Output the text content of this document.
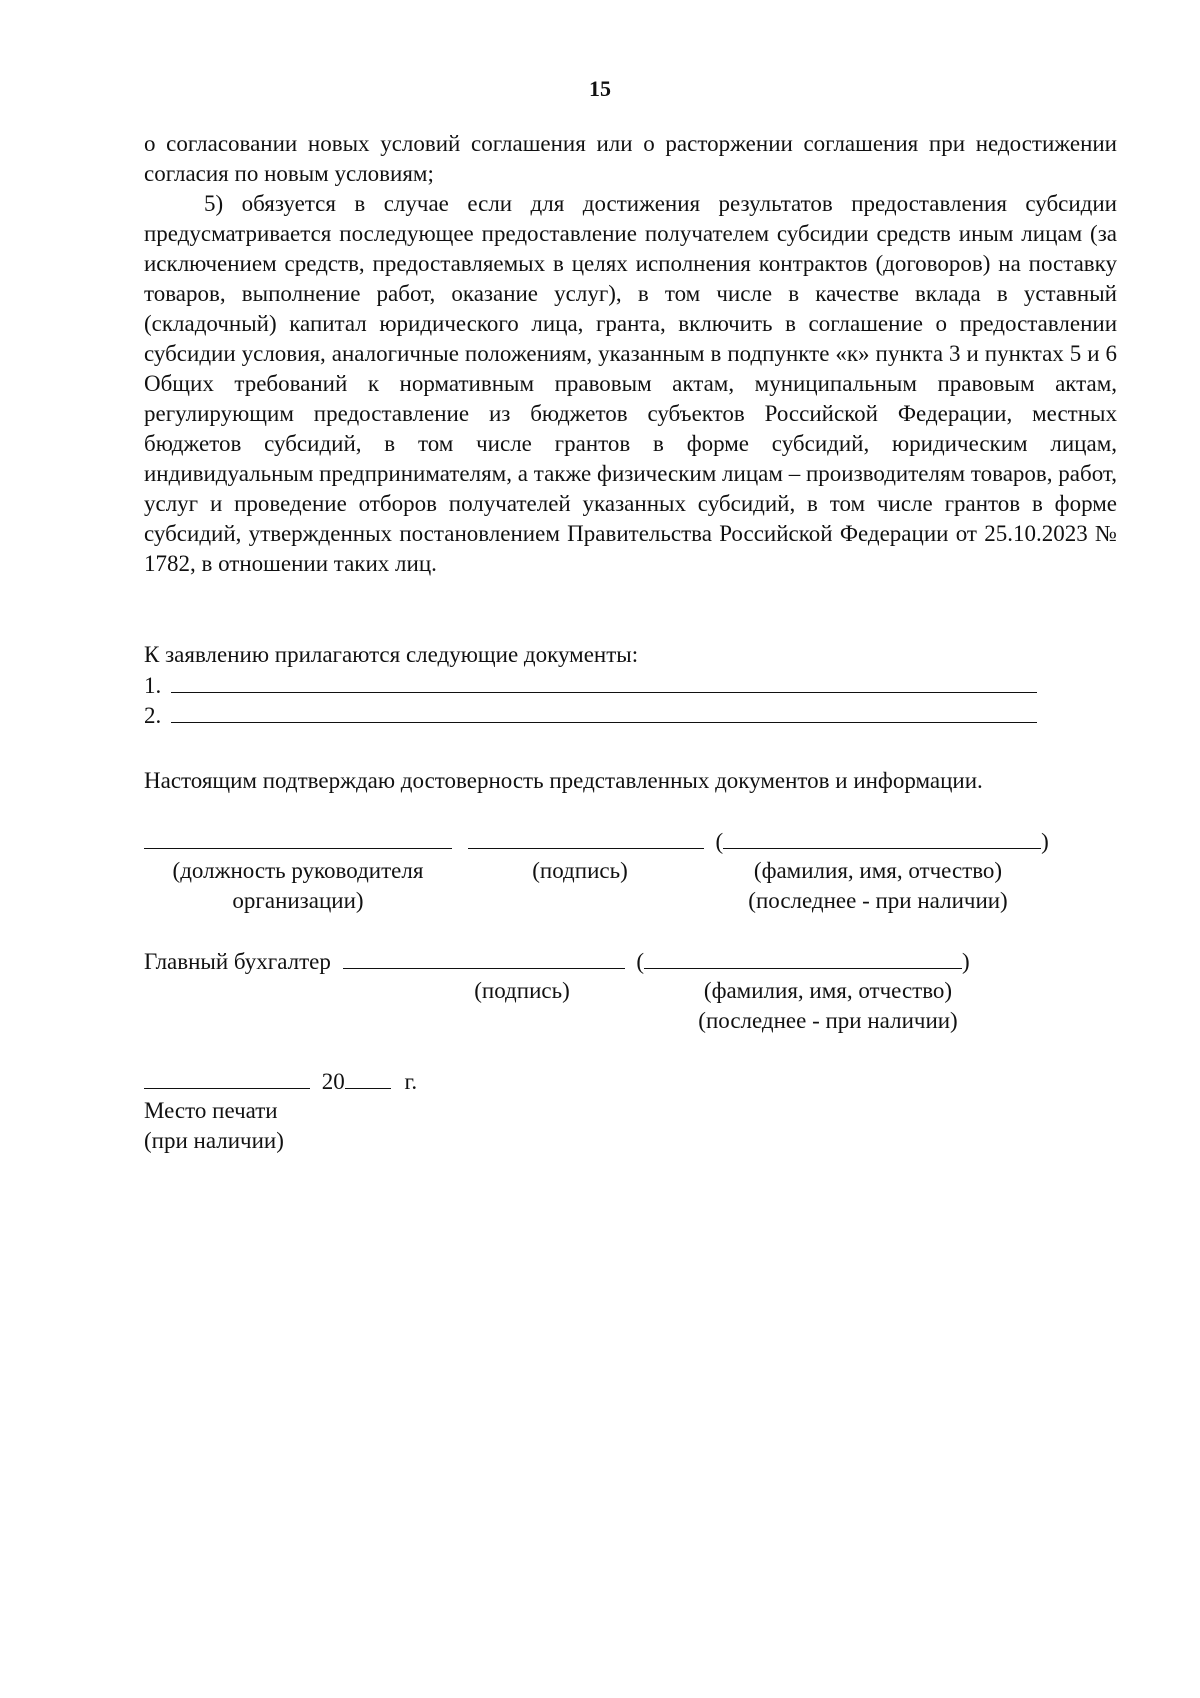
15

о согласовании новых условий соглашения или о расторжении соглашения при недостижении согласия по новым условиям;

5) обязуется в случае если для достижения результатов предоставления субсидии предусматривается последующее предоставление получателем субсидии средств иным лицам (за исключением средств, предоставляемых в целях исполнения контрактов (договоров) на поставку товаров, выполнение работ, оказание услуг), в том числе в качестве вклада в уставный (складочный) капитал юридического лица, гранта, включить в соглашение о предоставлении субсидии условия, аналогичные положениям, указанным в подпункте «к» пункта 3 и пунктах 5 и 6 Общих требований к нормативным правовым актам, муниципальным правовым актам, регулирующим предоставление из бюджетов субъектов Российской Федерации, местных бюджетов субсидий, в том числе грантов в форме субсидий, юридическим лицам, индивидуальным предпринимателям, а также физическим лицам – производителям товаров, работ, услуг и проведение отборов получателей указанных субсидий, в том числе грантов в форме субсидий, утвержденных постановлением Правительства Российской Федерации от 25.10.2023 № 1782, в отношении таких лиц.

К заявлению прилагаются следующие документы:
1.
2.
Настоящим подтверждаю достоверность представленных документов и информации.
(	)
(должность руководителя
организации)
(подпись)	(фамилия, имя, отчество)
(последнее - при наличии)
Главный бухгалтер	(	)
(подпись)	(фамилия, имя, отчество)
(последнее - при наличии)
20	г.
Место печати
(при наличии)
